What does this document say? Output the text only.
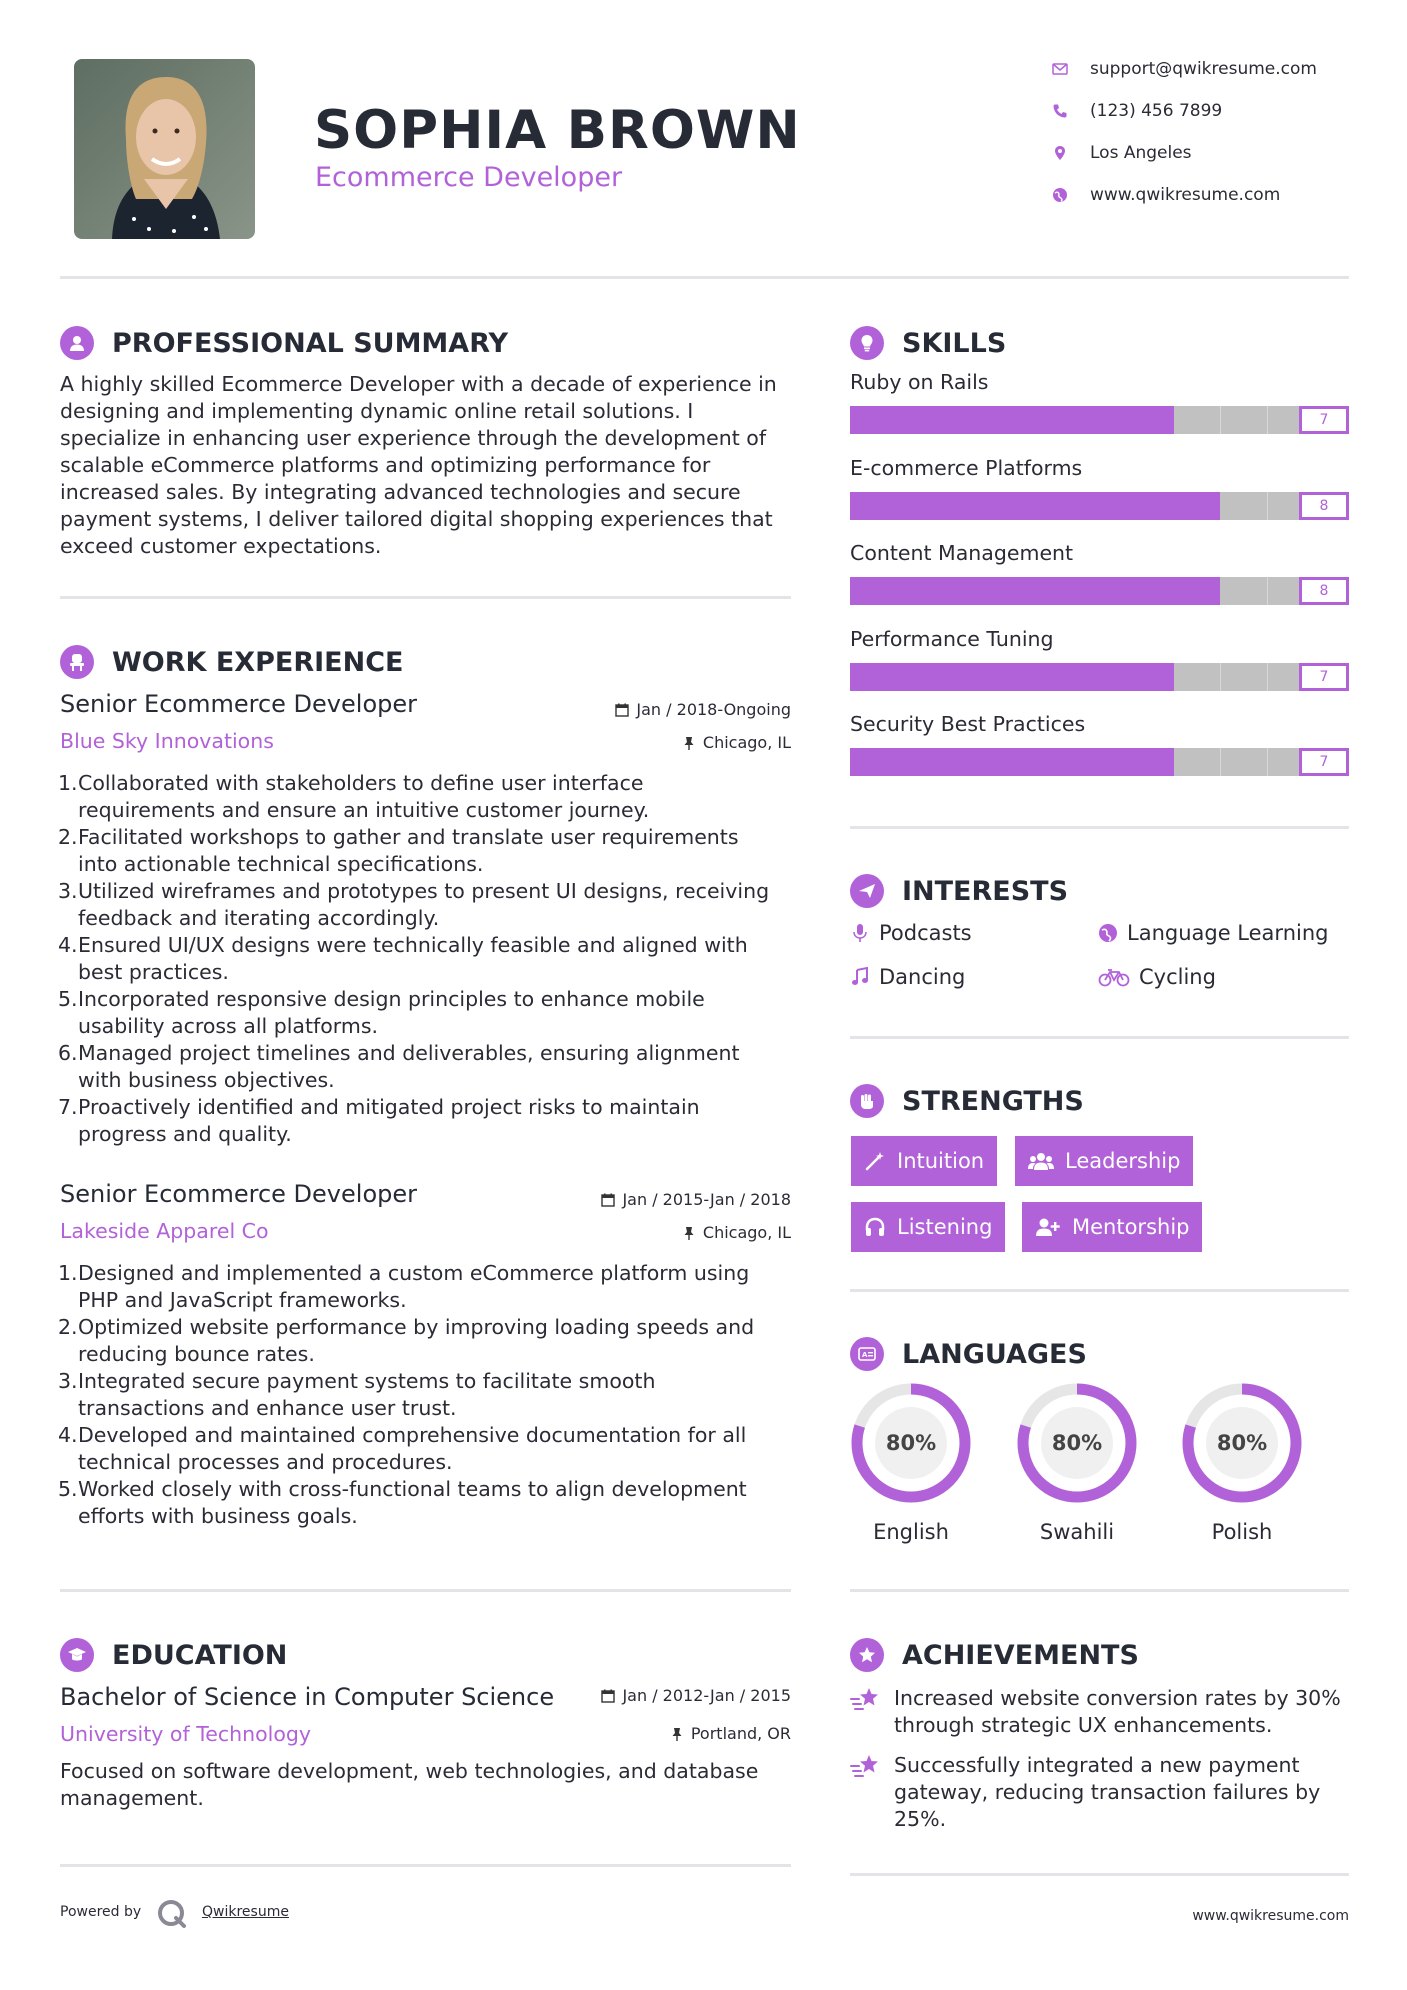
SOPHIA BROWN
Ecommerce Developer
support@qwikresume.com
(123) 456 7899
Los Angeles
www.qwikresume.com
PROFESSIONAL SUMMARY
A highly skilled Ecommerce Developer with a decade of experience in
designing and implementing dynamic online retail solutions. I
specialize in enhancing user experience through the development of
scalable eCommerce platforms and optimizing performance for
increased sales. By integrating advanced technologies and secure
payment systems, I deliver tailored digital shopping experiences that
exceed customer expectations.
WORK EXPERIENCE
Senior Ecommerce Developer	Jan / 2018-Ongoing
Blue Sky Innovations	Chicago, IL
1. Collaborated with stakeholders to define user interface
requirements and ensure an intuitive customer journey.
2. Facilitated workshops to gather and translate user requirements
into actionable technical specifications.
3. Utilized wireframes and prototypes to present UI designs, receiving
feedback and iterating accordingly.
4. Ensured UI/UX designs were technically feasible and aligned with
best practices.
5. Incorporated responsive design principles to enhance mobile
usability across all platforms.
6. Managed project timelines and deliverables, ensuring alignment
with business objectives.
7. Proactively identified and mitigated project risks to maintain
progress and quality.
Senior Ecommerce Developer	Jan / 2015-Jan / 2018
Lakeside Apparel Co	Chicago, IL
1. Designed and implemented a custom eCommerce platform using
PHP and JavaScript frameworks.
2. Optimized website performance by improving loading speeds and
reducing bounce rates.
3. Integrated secure payment systems to facilitate smooth
transactions and enhance user trust.
4. Developed and maintained comprehensive documentation for all
technical processes and procedures.
5. Worked closely with cross-functional teams to align development
efforts with business goals.
EDUCATION
Bachelor of Science in Computer Science	Jan / 2012-Jan / 2015
University of Technology	Portland, OR
Focused on software development, web technologies, and database
management.
SKILLS
Ruby on Rails
7
E-commerce Platforms
8
Content Management
8
Performance Tuning
7
Security Best Practices
7
INTERESTS
Podcasts	Language Learning
Dancing	Cycling
STRENGTHS
Intuition	Leadership
Listening	Mentorship
A LANGUAGES
80%
English
80%
Swahili
80%
Polish
ACHIEVEMENTS
Increased website conversion rates by 30%
through strategic UX enhancements.
Successfully integrated a new payment
gateway, reducing transaction failures by
25%.
Powered by	Qwikresume	www.qwikresume.com
